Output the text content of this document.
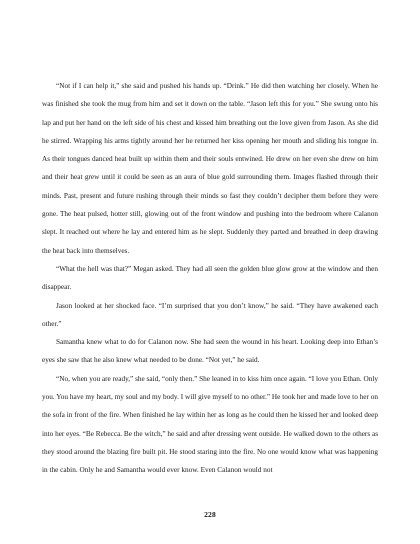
“Not if I can help it,” she said and pushed his hands up. “Drink.” He did then watching her closely. When he was finished she took the mug from him and set it down on the table. “Jason left this for you.” She swung onto his lap and put her hand on the left side of his chest and kissed him breathing out the love given from Jason. As she did he stirred. Wrapping his arms tightly around her he returned her kiss opening her mouth and sliding his tongue in. As their tongues danced heat built up within them and their souls entwined. He drew on her even she drew on him and their heat grew until it could be seen as an aura of blue gold surrounding them. Images flashed through their minds. Past, present and future rushing through their minds so fast they couldn’t decipher them before they were gone. The heat pulsed, hotter still, glowing out of the front window and pushing into the bedroom where Calanon slept. It reached out where he lay and entered him as he slept. Suddenly they parted and breathed in deep drawing the heat back into themselves.

“What the hell was that?” Megan asked. They had all seen the golden blue glow grow at the window and then disappear.

Jason looked at her shocked face. “I’m surprised that you don’t know,” he said. “They have awakened each other.”

Samantha knew what to do for Calanon now. She had seen the wound in his heart. Looking deep into Ethan’s eyes she saw that he also knew what needed to be done. “Not yet,” he said.

“No, when you are ready,” she said, “only then.” She leaned in to kiss him once again. “I love you Ethan. Only you. You have my heart, my soul and my body. I will give myself to no other.” He took her and made love to her on the sofa in front of the fire. When finished he lay within her as long as he could then he kissed her and looked deep into her eyes. “Be Rebecca. Be the witch,” he said and after dressing went outside. He walked down to the others as they stood around the blazing fire built pit. He stood staring into the fire. No one would know what was happening in the cabin. Only he and Samantha would ever know. Even Calanon would not

228
